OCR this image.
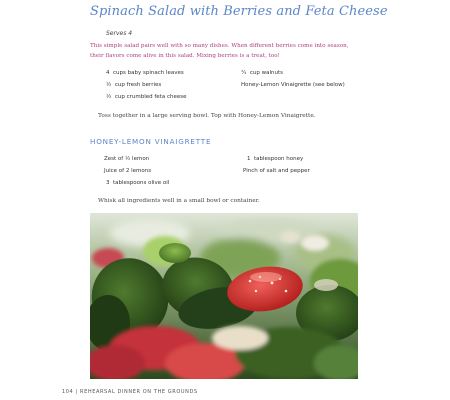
Spinach Salad with Berries and Feta Cheese
Serves 4
This simple salad pairs well with so many dishes. When different berries come into season, their flavors come alive in this salad. Mixing berries is a treat, too!
4 cups baby spinach leaves
½ cup fresh berries
½ cup crumbled feta cheese
¼ cup walnuts
Honey-Lemon Vinaigrette (see below)
Toss together in a large serving bowl. Top with Honey-Lemon Vinaigrette.
HONEY-LEMON VINAIGRETTE
Zest of ½ lemon
Juice of 2 lemons
3 tablespoons olive oil
1 tablespoon honey
Pinch of salt and pepper
Whisk all ingredients well in a small bowl or container.
104 | REHEARSAL DINNER ON THE GROUNDS
